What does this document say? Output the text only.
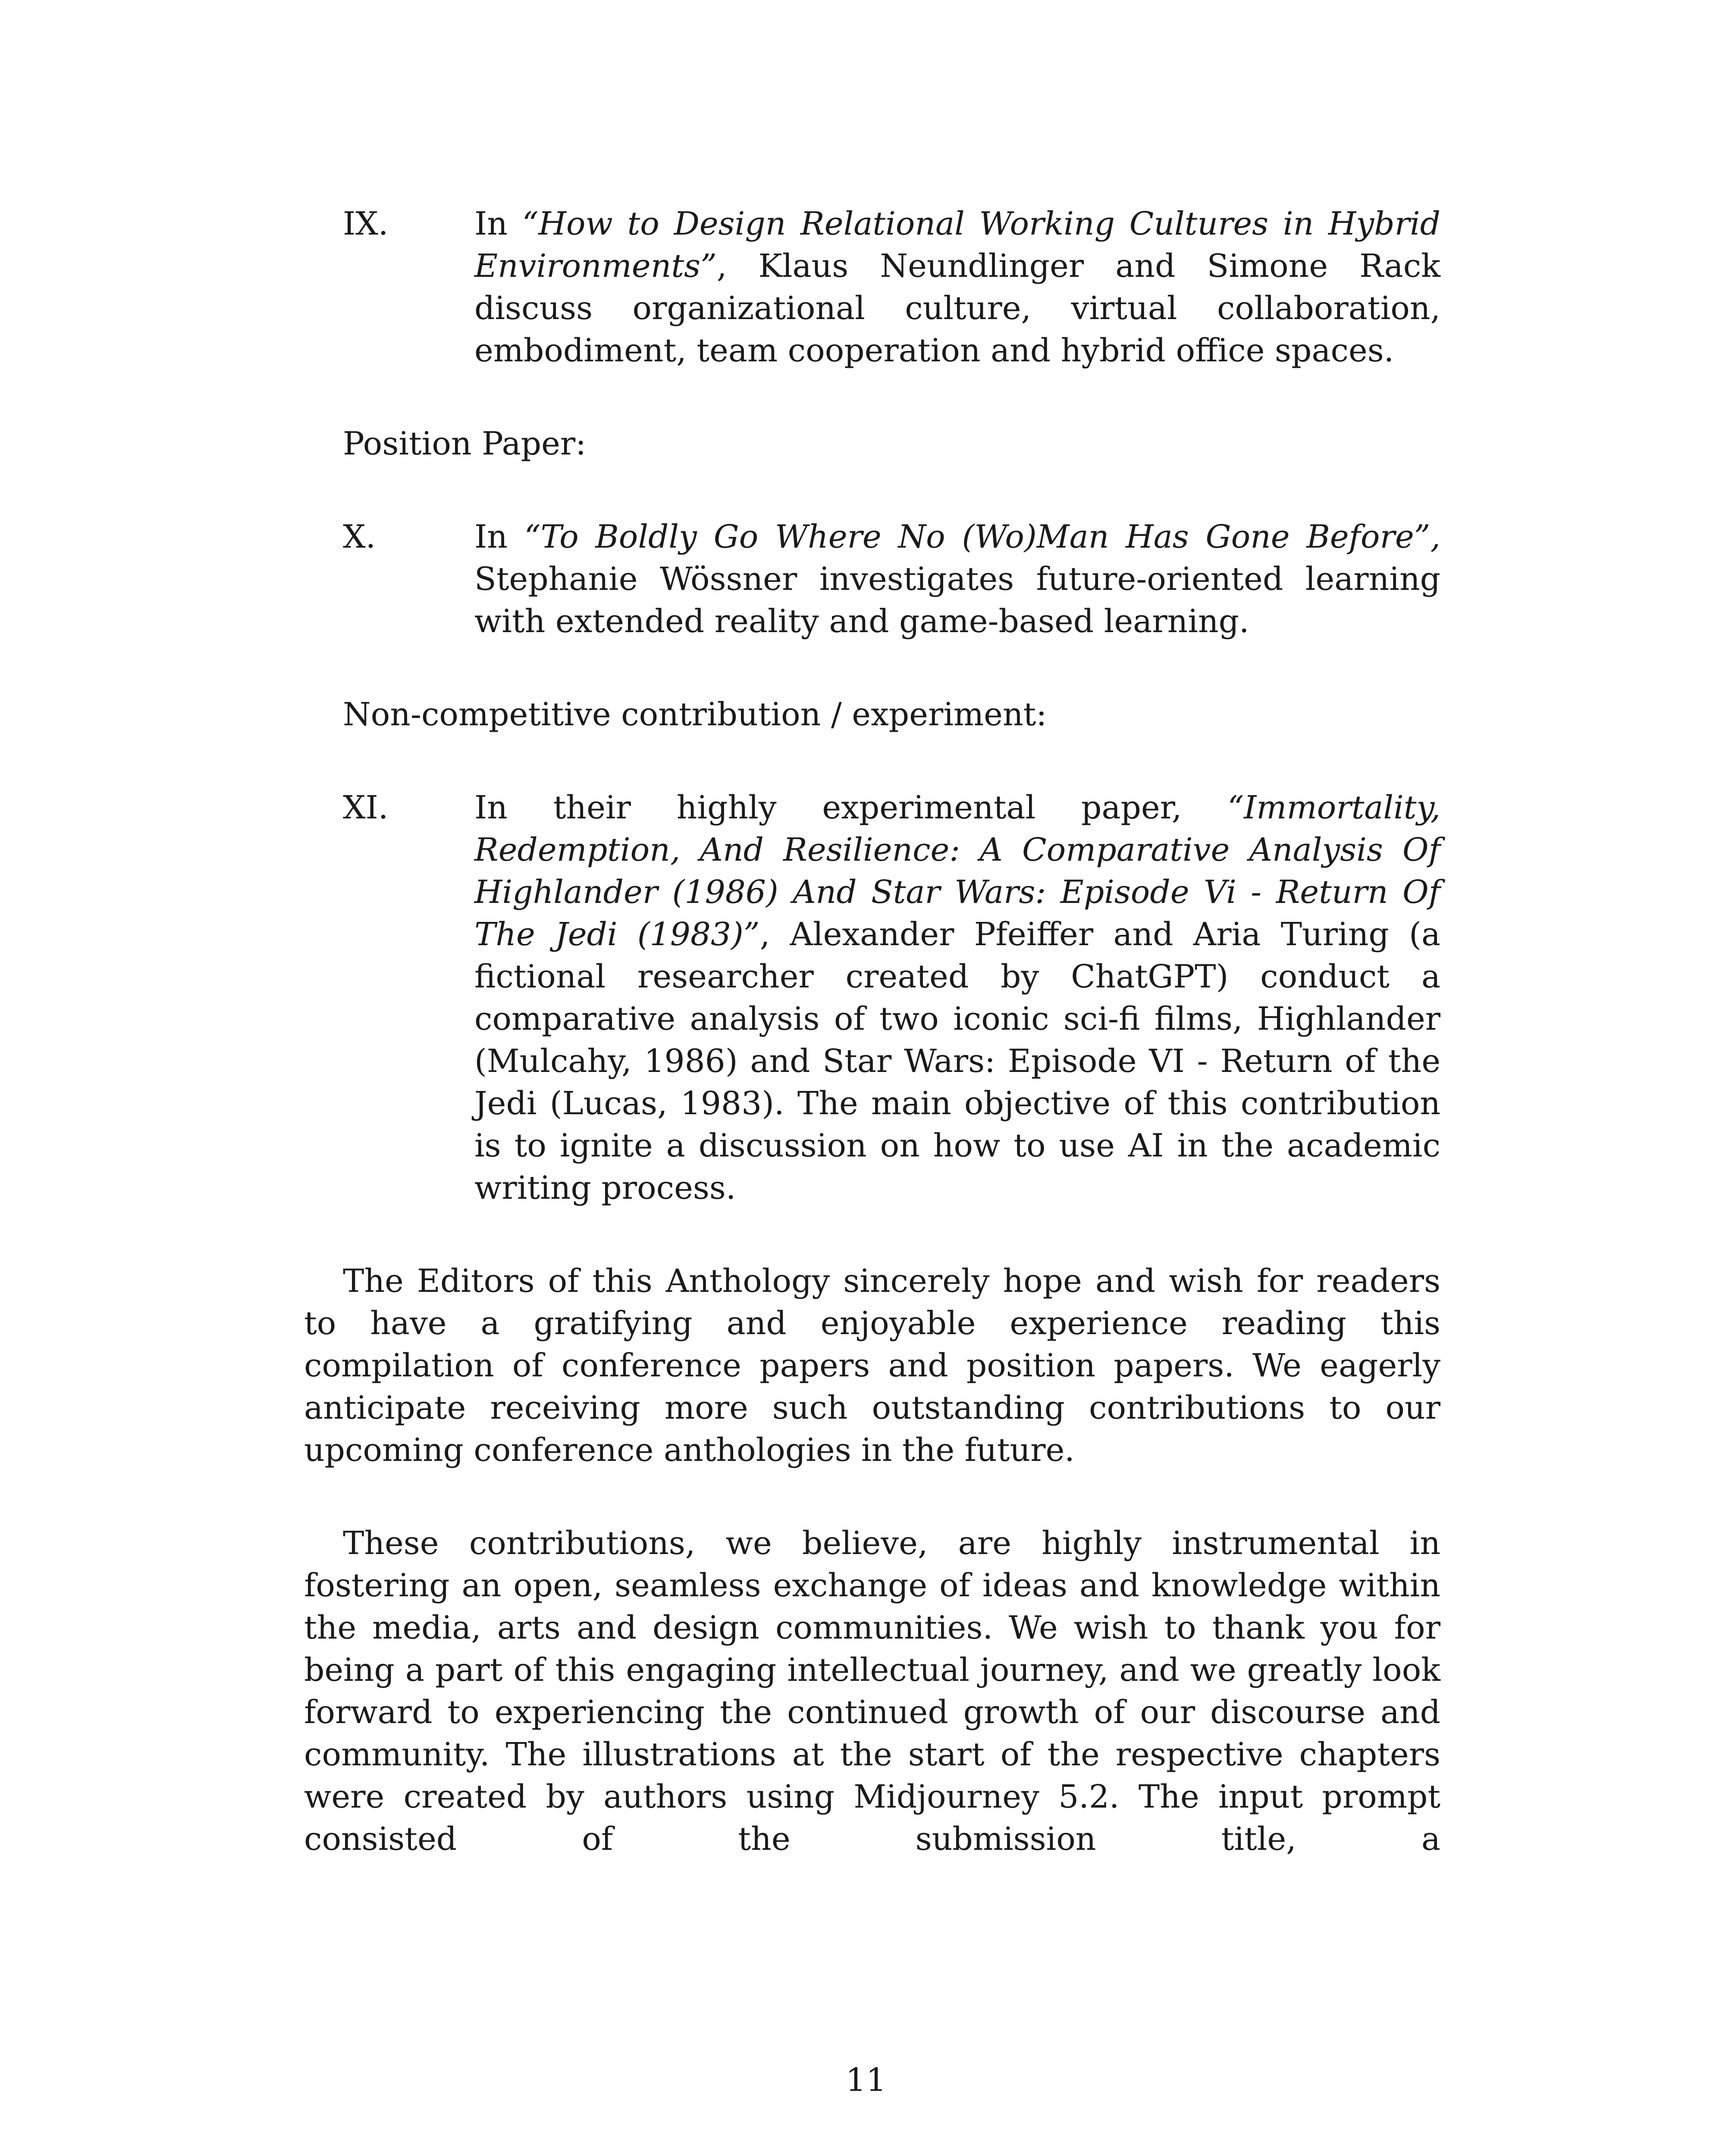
IX.	In “How to Design Relational Working Cultures in Hybrid Environments”, Klaus Neundlinger and Simone Rack discuss organizational culture, virtual collaboration, embodiment, team cooperation and hybrid office spaces.
Position Paper:
X.	In “To Boldly Go Where No (Wo)Man Has Gone Before”, Stephanie Wössner investigates future-oriented learning with extended reality and game-based learning.
Non-competitive contribution / experiment:
XI.	In their highly experimental paper, “Immortality, Redemption, And Resilience: A Comparative Analysis Of Highlander (1986) And Star Wars: Episode Vi - Return Of The Jedi (1983)”, Alexander Pfeiffer and Aria Turing (a fictional researcher created by ChatGPT) conduct a comparative analysis of two iconic sci-fi films, Highlander (Mulcahy, 1986) and Star Wars: Episode VI - Return of the Jedi (Lucas, 1983). The main objective of this contribution is to ignite a discussion on how to use AI in the academic writing process.

The Editors of this Anthology sincerely hope and wish for readers to have a gratifying and enjoyable experience reading this compilation of conference papers and position papers. We eagerly anticipate receiving more such outstanding contributions to our upcoming conference anthologies in the future.

These contributions, we believe, are highly instrumental in fostering an open, seamless exchange of ideas and knowledge within the media, arts and design communities. We wish to thank you for being a part of this engaging intellectual journey, and we greatly look forward to experiencing the continued growth of our discourse and community. The illustrations at the start of the respective chapters were created by authors using Midjourney 5.2. The input prompt consisted of the submission title, a

11
